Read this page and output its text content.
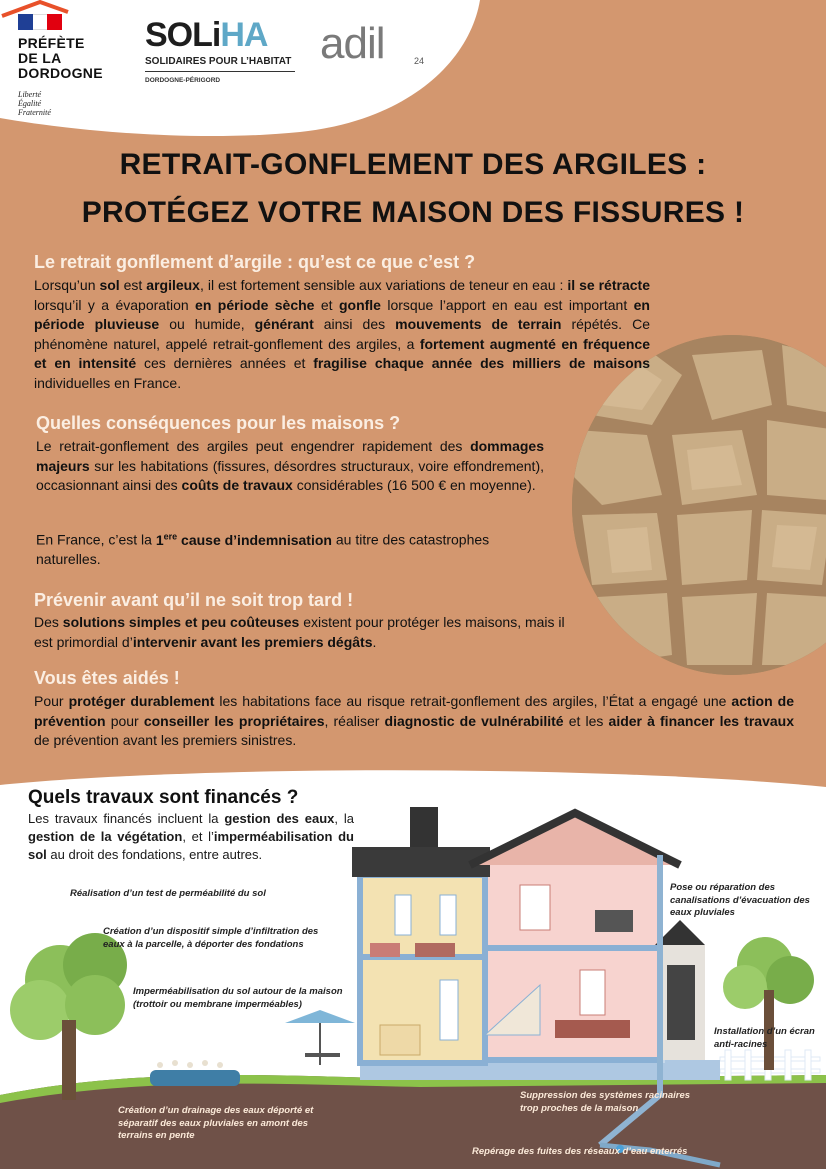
PRÉFÈTE
DE LA
DORDOGNE
Liberté
Égalité
Fraternité
SOLiHA
SOLIDAIRES POUR L’HABITAT
DORDOGNE-PÉRIGORD
adil	24
RETRAIT-GONFLEMENT DES ARGILES :
PROTÉGEZ VOTRE MAISON DES FISSURES !
Le retrait gonflement d’argile : qu’est ce que c’est ?
Lorsqu’un sol est argileux, il est fortement sensible aux variations de teneur en eau : il se rétracte lorsqu’il y a évaporation en période sèche et gonfle lorsque l’apport en eau est important en période pluvieuse ou humide, générant ainsi des mouvements de terrain répétés. Ce phénomène naturel, appelé retrait-gonflement des argiles, a fortement augmenté en fréquence et en intensité ces dernières années et fragilise chaque année des milliers de maisons individuelles en France.
Quelles conséquences pour les maisons ?
Le retrait-gonflement des argiles peut engendrer rapidement des dommages majeurs sur les habitations (fissures, désordres structuraux, voire effondrement), occasionnant ainsi des coûts de travaux considérables (16 500 € en moyenne).
En France, c’est la 1ere cause d’indemnisation au titre des catastrophes naturelles.
Prévenir avant qu’il ne soit trop tard !
Des solutions simples et peu coûteuses existent pour protéger les maisons, mais il est primordial d’intervenir avant les premiers dégâts.
Vous êtes aidés !
Pour protéger durablement les habitations face au risque retrait-gonflement des argiles, l’État a engagé une action de prévention pour conseiller les propriétaires, réaliser diagnostic de vulnérabilité et les aider à financer les travaux de prévention avant les premiers sinistres.
Quels travaux sont financés ?
Les travaux financés incluent la gestion des eaux, la gestion de la végétation, et l’imperméabilisation du sol au droit des fondations, entre autres.
Réalisation d’un test de perméabilité du sol
Création d’un dispositif simple d’infiltration des eaux à la parcelle, à déporter des fondations
Imperméabilisation du sol autour de la maison (trottoir ou membrane imperméables)
Création d’un drainage des eaux déporté et séparatif des eaux pluviales en amont des terrains en pente
Pose ou réparation des canalisations d’évacuation des eaux pluviales
Installation d’un écran anti-racines
Suppression des systèmes racinaires trop proches de la maison
Repérage des fuites des réseaux d’eau enterrés
